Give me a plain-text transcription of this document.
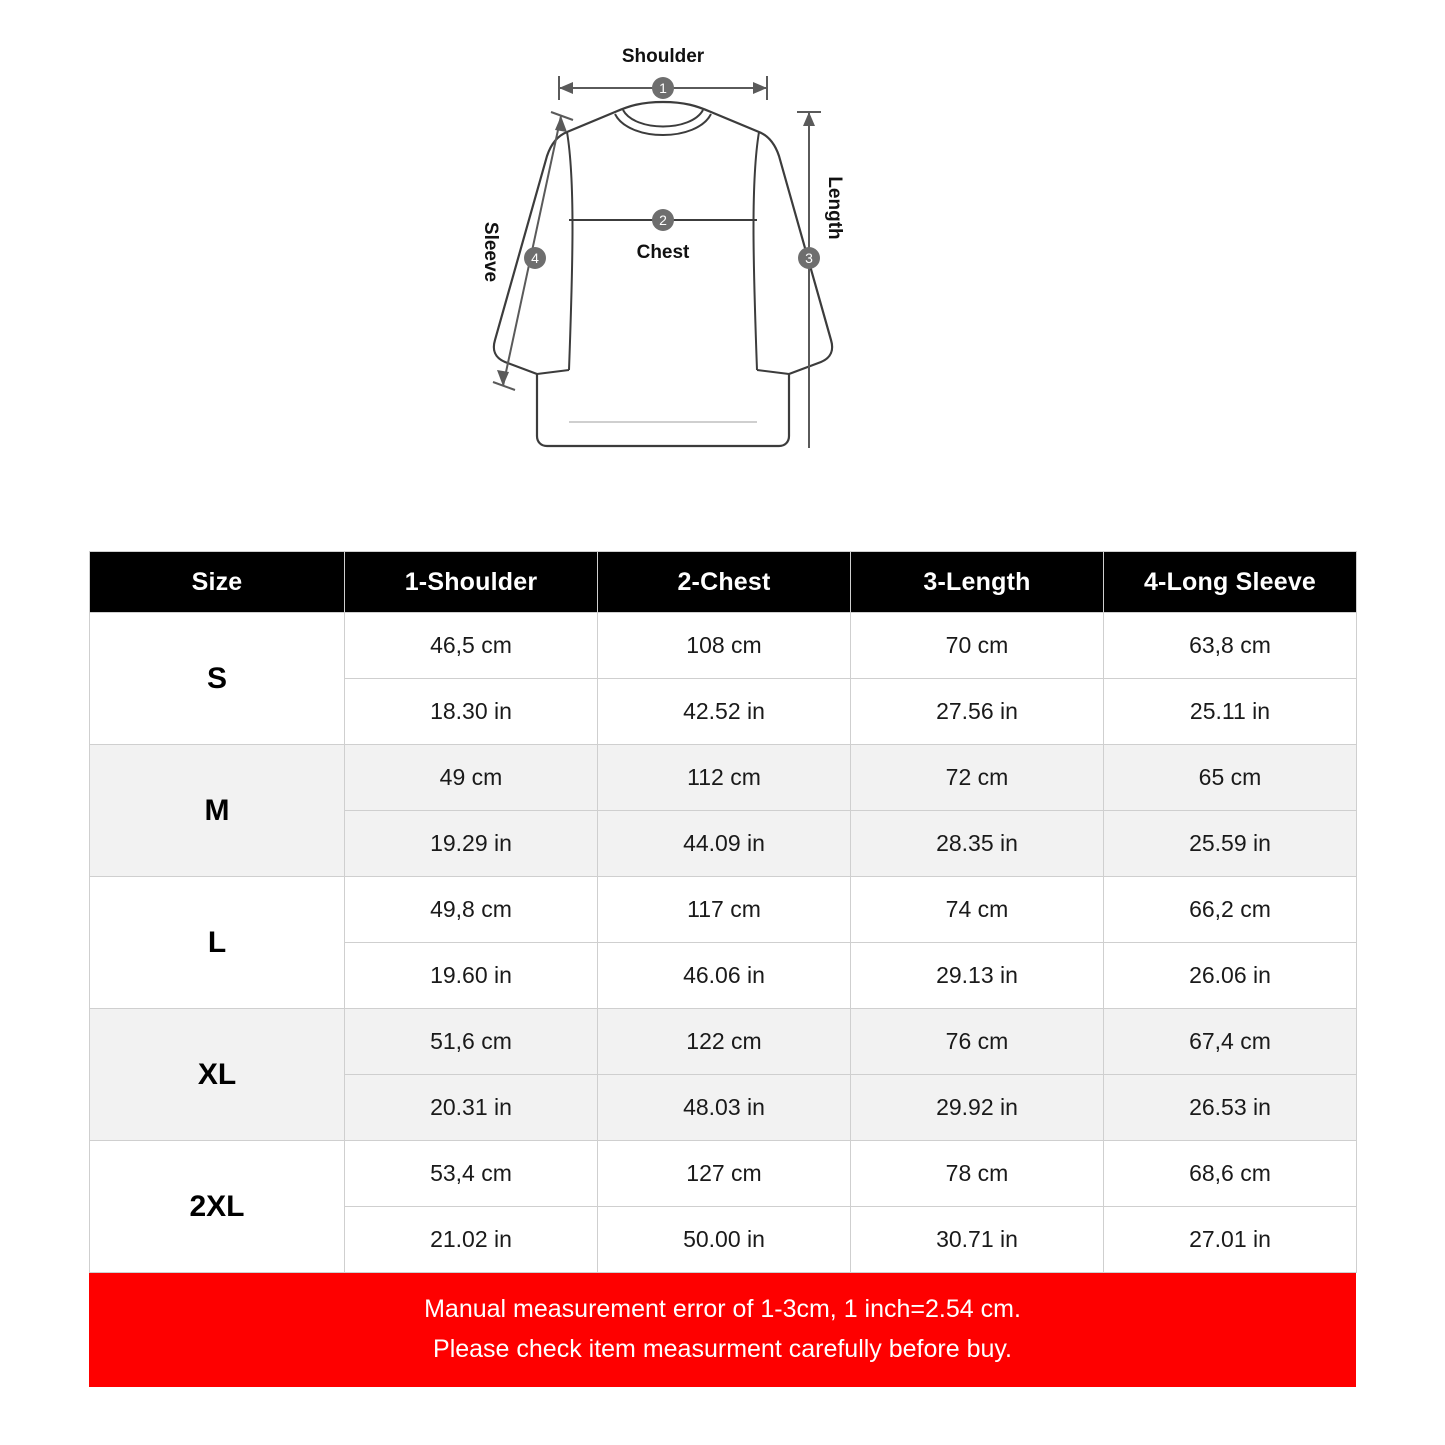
Shoulder
1
2
Chest
Length
3
Sleeve 4
Size	1-Shoulder	2-Chest	3-Length	4-Long Sleeve
S	46,5 cm	108 cm	70 cm	63,8 cm
	18.30 in	42.52 in	27.56 in	25.11 in
M	49 cm	112 cm	72 cm	65 cm
	19.29 in	44.09 in	28.35 in	25.59 in
L	49,8 cm	117 cm	74 cm	66,2 cm
	19.60 in	46.06 in	29.13 in	26.06 in
XL	51,6 cm	122 cm	76 cm	67,4 cm
	20.31 in	48.03 in	29.92 in	26.53 in
2XL	53,4 cm	127 cm	78 cm	68,6 cm
	21.02 in	50.00 in	30.71 in	27.01 in
Manual measurement error of 1-3cm, 1 inch=2.54 cm.
Please check item measurment carefully before buy.
